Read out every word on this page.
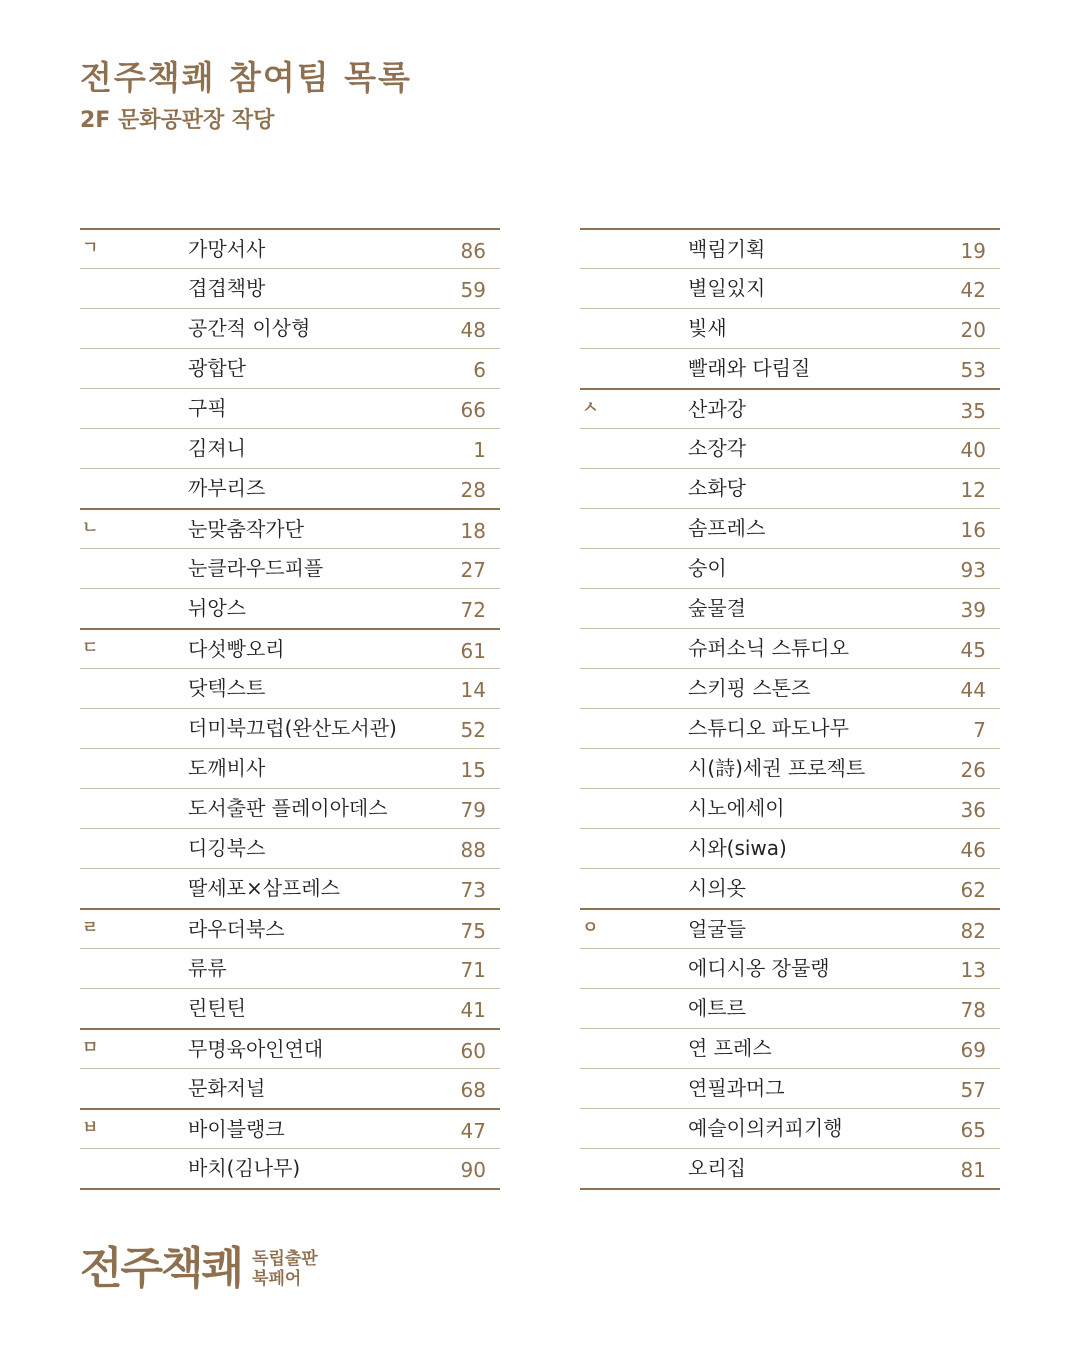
전주책쾌 참여팀 목록
2F 문화공판장 작당
ㄱ	가망서사	86
겹겹책방	59
공간적 이상형	48
광합단	6
구픽	66
김져니	1
까부리즈	28
ㄴ	눈맞춤작가단	18
눈클라우드피플	27
뉘앙스	72
ㄷ	다섯빵오리	61
닷텍스트	14
더미북끄럽(완산도서관)	52
도깨비사	15
도서출판 플레이아데스	79
디깅북스	88
딸세포×삼프레스	73
ㄹ	라우더북스	75
류류	71
린틴틴	41
ㅁ	무명육아인연대	60
문화저널	68
ㅂ	바이블랭크	47
바치(김나무)	90
백림기획	19
별일있지	42
빛새	20
빨래와 다림질	53
ㅅ	산과강	35
소장각	40
소화당	12
솜프레스	16
숭이	93
숲물결	39
슈퍼소닉 스튜디오	45
스키핑 스톤즈	44
스튜디오 파도나무	7
시(詩)세권 프로젝트	26
시노에세이	36
시와(siwa)	46
시의옷	62
ㅇ	얼굴들	82
에디시옹 장물랭	13
에트르	78
연 프레스	69
연필과머그	57
예슬이의커피기행	65
오리집	81
전주책쾌 독립출판
북페어
